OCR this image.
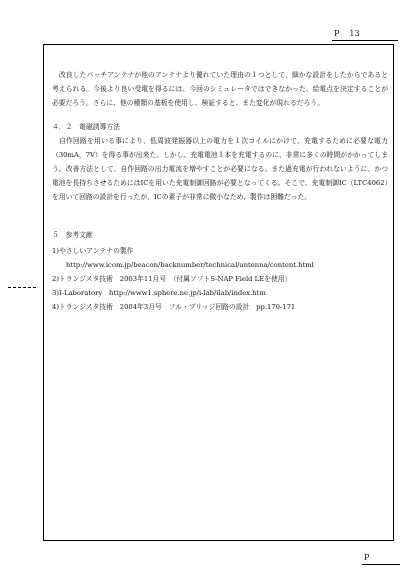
P 13

改良したパッチアンテナが他のアンテナより優れていた理由の１つとして、細かな設計をしたからであると考えられる。今後より良い受電を得るには、今回のシミュレータではできなかった、給電点を決定することが必要だろう。さらに、他の種類の基板を使用し、検証すると、また変化が現れるだろう。

４．２　電磁誘導方法

自作回路を用いる事により、低周波発振器以上の電力を１次コイルにかけて、充電するために必要な電力（30mA，7V）を得る事が出来た。しかし、充電電池１本を充電するのに、非常に多くの時間がかかってしまう。改善方法として、自作回路の出力電流を増やすことが必要になる。また過充電が行われないように、かつ電池を長持ちさせるためにはICを用いた充電制御回路が必要となってくる。そこで、充電制御IC（LTC4062）を用いて回路の設計を行ったが、ICの素子が非常に微小なため、製作は困難だった。

５　参考文献

1)やさしいアンテナの製作
http://www.icom.jp/beacon/backnumber/technical/antenna/content.html
2)トランジスタ技術　2003年11月号　（付属ソフトS-NAP Field LEを使用）
3)I-Laboratory　http://www1.sphere.ne.jp/i-lab/ilab/index.htm
4)トランジスタ技術　2004年3月号　フル・ブリッジ回路の設計　pp.170-171
P
